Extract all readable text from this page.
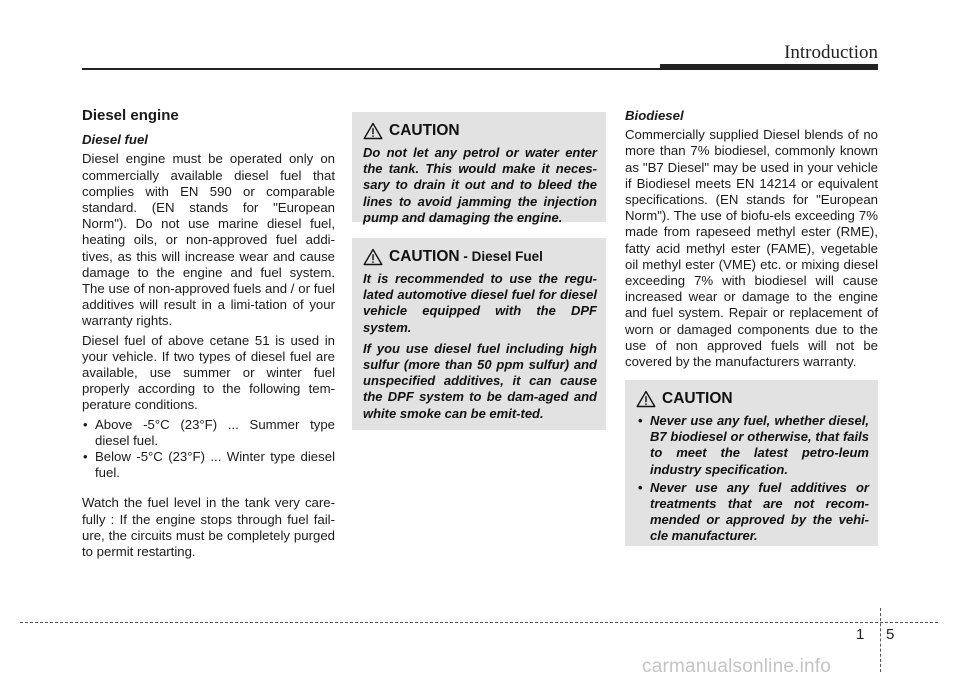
Introduction
Diesel engine
Diesel fuel

Diesel engine must be operated only on commercially available diesel fuel that complies with EN 590 or comparable standard. (EN stands for "European Norm"). Do not use marine diesel fuel, heating oils, or non-approved fuel addi-tives, as this will increase wear and cause damage to the engine and fuel system. The use of non-approved fuels and / or fuel additives will result in a limi-tation of your warranty rights.

Diesel fuel of above cetane 51 is used in your vehicle. If two types of diesel fuel are available, use summer or winter fuel properly according to the following tem-perature conditions.

• Above -5°C (23°F) ... Summer type diesel fuel.
• Below -5°C (23°F) ... Winter type diesel fuel.

Watch the fuel level in the tank very care-fully : If the engine stops through fuel fail-ure, the circuits must be completely purged to permit restarting.

CAUTION

Do not let any petrol or water enter the tank. This would make it neces-sary to drain it out and to bleed the lines to avoid jamming the injection pump and damaging the engine.

CAUTION - Diesel Fuel

It is recommended to use the regu-lated automotive diesel fuel for diesel vehicle equipped with the DPF system.

If you use diesel fuel including high sulfur (more than 50 ppm sulfur) and unspecified additives, it can cause the DPF system to be dam-aged and white smoke can be emit-ted.

Biodiesel

Commercially supplied Diesel blends of no more than 7% biodiesel, commonly known as "B7 Diesel" may be used in your vehicle if Biodiesel meets EN 14214 or equivalent specifications. (EN stands for "European Norm"). The use of biofu-els exceeding 7% made from rapeseed methyl ester (RME), fatty acid methyl ester (FAME), vegetable oil methyl ester (VME) etc. or mixing diesel exceeding 7% with biodiesel will cause increased wear or damage to the engine and fuel system. Repair or replacement of worn or damaged components due to the use of non approved fuels will not be covered by the manufacturers warranty.

CAUTION
• Never use any fuel, whether diesel, B7 biodiesel or otherwise, that fails to meet the latest petro-leum industry specification.
• Never use any fuel additives or treatments that are not recom-mended or approved by the vehi-cle manufacturer.
1 5
carmanualsonline.info
